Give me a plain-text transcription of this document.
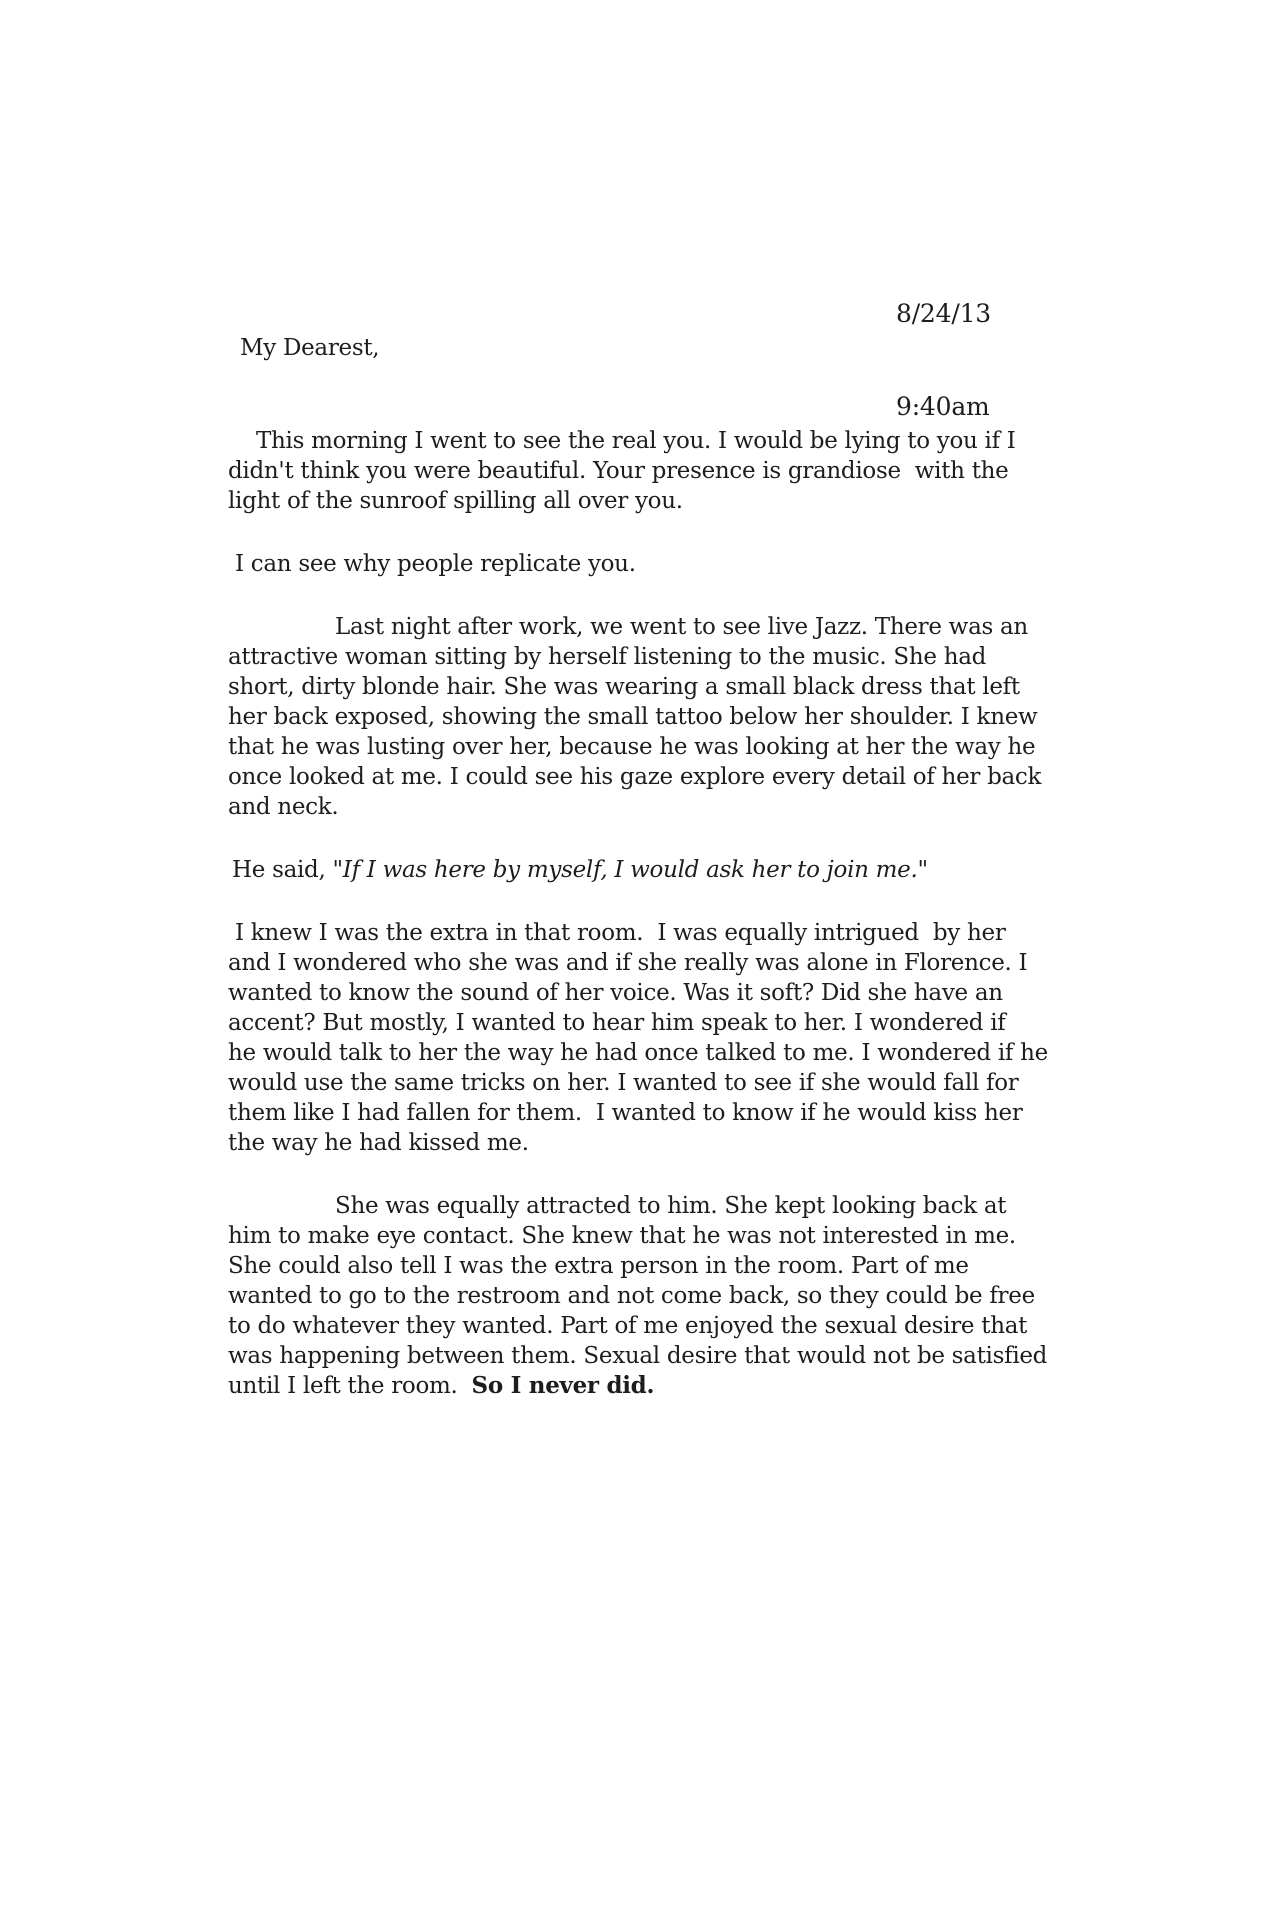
8/24/13

9:40am

My Dearest,
This morning I went to see the real you. I would be lying to you if I
didn't think you were beautiful. Your presence is grandiose  with the
light of the sunroof spilling all over you.
I can see why people replicate you.
Last night after work, we went to see live Jazz. There was an
attractive woman sitting by herself listening to the music. She had
short, dirty blonde hair. She was wearing a small black dress that left
her back exposed, showing the small tattoo below her shoulder. I knew
that he was lusting over her, because he was looking at her the way he
once looked at me. I could see his gaze explore every detail of her back
and neck.
He said, "If I was here by myself, I would ask her to join me."
I knew I was the extra in that room.  I was equally intrigued  by her
and I wondered who she was and if she really was alone in Florence. I
wanted to know the sound of her voice. Was it soft? Did she have an
accent? But mostly, I wanted to hear him speak to her. I wondered if
he would talk to her the way he had once talked to me. I wondered if he
would use the same tricks on her. I wanted to see if she would fall for
them like I had fallen for them.  I wanted to know if he would kiss her
the way he had kissed me.
She was equally attracted to him. She kept looking back at
him to make eye contact. She knew that he was not interested in me.
She could also tell I was the extra person in the room. Part of me
wanted to go to the restroom and not come back, so they could be free
to do whatever they wanted. Part of me enjoyed the sexual desire that
was happening between them. Sexual desire that would not be satisfied
until I left the room.  So I never did.
